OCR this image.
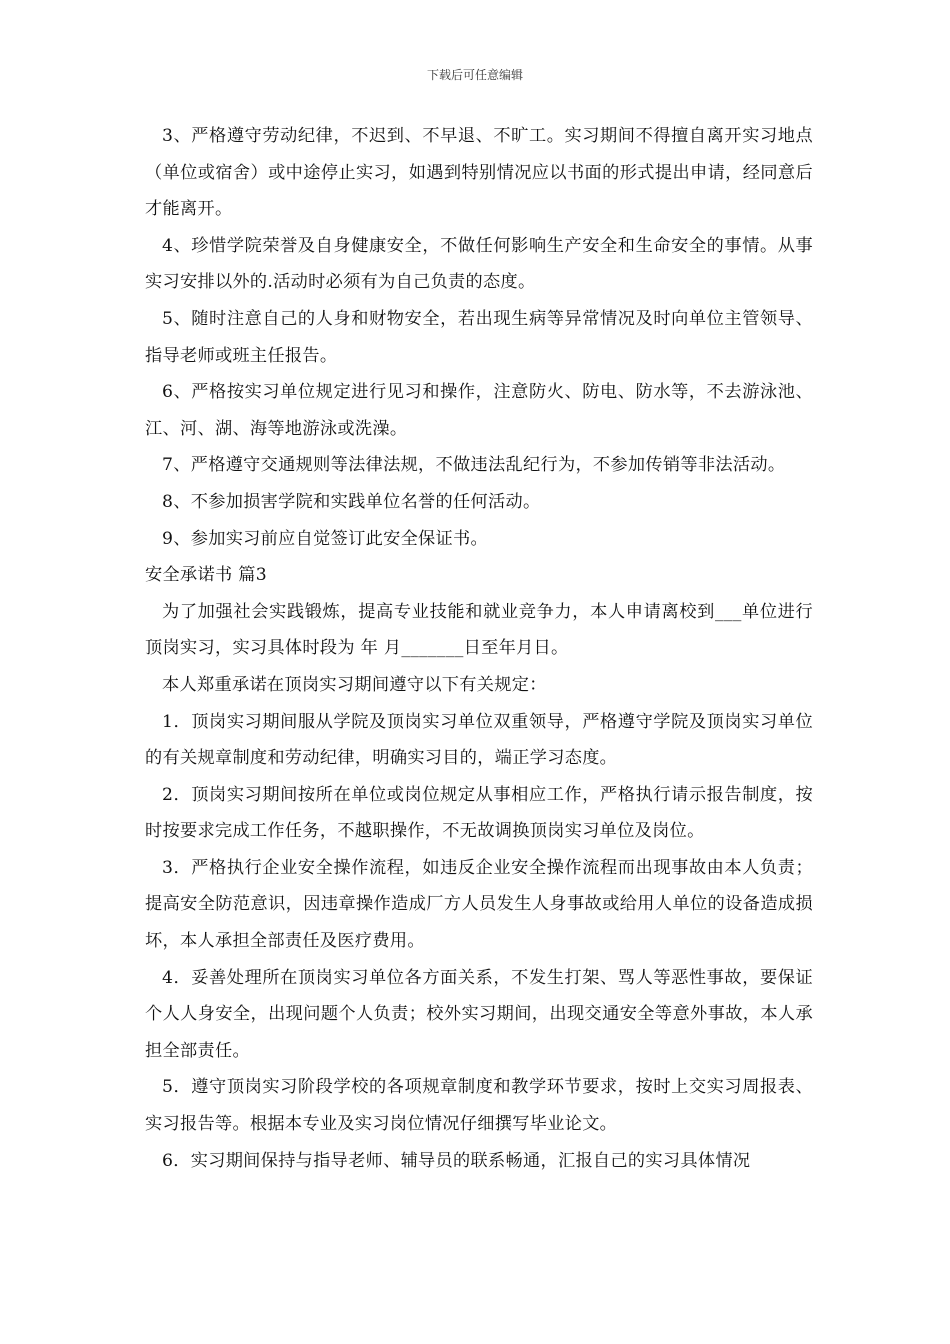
下载后可任意编辑

3、严格遵守劳动纪律，不迟到、不早退、不旷工。实习期间不得擅自离开实习地点（单位或宿舍）或中途停止实习，如遇到特别情况应以书面的形式提出申请，经同意后才能离开。

4、珍惜学院荣誉及自身健康安全，不做任何影响生产安全和生命安全的事情。从事实习安排以外的.活动时必须有为自己负责的态度。

5、随时注意自己的人身和财物安全，若出现生病等异常情况及时向单位主管领导、指导老师或班主任报告。

6、严格按实习单位规定进行见习和操作，注意防火、防电、防水等，不去游泳池、江、河、湖、海等地游泳或洗澡。

7、严格遵守交通规则等法律法规，不做违法乱纪行为，不参加传销等非法活动。

8、不参加损害学院和实践单位名誉的任何活动。

9、参加实习前应自觉签订此安全保证书。

安全承诺书 篇3

为了加强社会实践锻炼，提高专业技能和就业竞争力，本人申请离校到___单位进行顶岗实习，实习具体时段为 年 月_______日至年月日。

本人郑重承诺在顶岗实习期间遵守以下有关规定：

1．顶岗实习期间服从学院及顶岗实习单位双重领导，严格遵守学院及顶岗实习单位的有关规章制度和劳动纪律，明确实习目的，端正学习态度。

2．顶岗实习期间按所在单位或岗位规定从事相应工作，严格执行请示报告制度，按时按要求完成工作任务，不越职操作，不无故调换顶岗实习单位及岗位。

3．严格执行企业安全操作流程，如违反企业安全操作流程而出现事故由本人负责；提高安全防范意识，因违章操作造成厂方人员发生人身事故或给用人单位的设备造成损坏，本人承担全部责任及医疗费用。

4．妥善处理所在顶岗实习单位各方面关系，不发生打架、骂人等恶性事故，要保证个人人身安全，出现问题个人负责；校外实习期间，出现交通安全等意外事故，本人承担全部责任。

5．遵守顶岗实习阶段学校的各项规章制度和教学环节要求，按时上交实习周报表、实习报告等。根据本专业及实习岗位情况仔细撰写毕业论文。

6．实习期间保持与指导老师、辅导员的联系畅通，汇报自己的实习具体情况
